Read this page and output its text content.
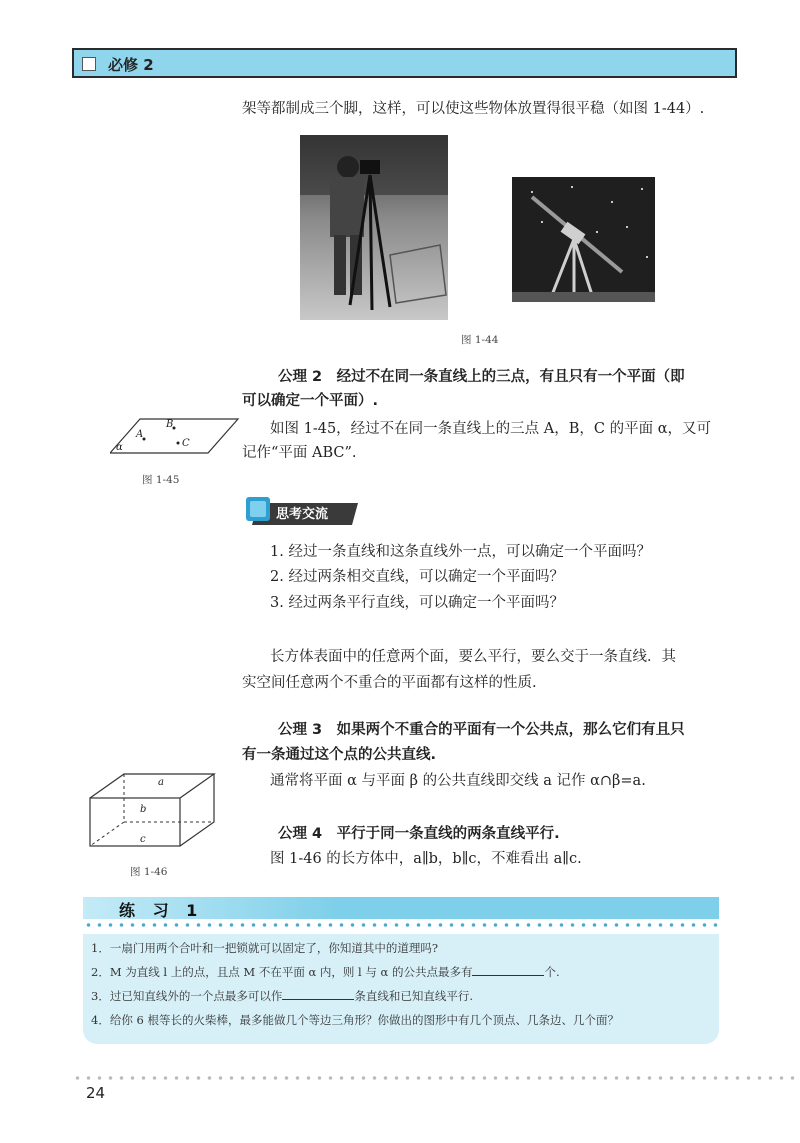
必修 2
架等都制成三个脚，这样，可以使这些物体放置得很平稳（如图 1-44）.
图 1-44
公理 2　经过不在同一条直线上的三点，有且只有一个平面（即
可以确定一个平面）.
A
B
C
α
图 1-45
如图 1-45，经过不在同一条直线上的三点 A，B，C 的平面 α，又可
记作“平面 ABC”.
思考交流
1. 经过一条直线和这条直线外一点，可以确定一个平面吗？
2. 经过两条相交直线，可以确定一个平面吗？
3. 经过两条平行直线，可以确定一个平面吗？
长方体表面中的任意两个面，要么平行，要么交于一条直线．其
实空间任意两个不重合的平面都有这样的性质.
公理 3　如果两个不重合的平面有一个公共点，那么它们有且只
有一条通过这个点的公共直线.
通常将平面 α 与平面 β 的公共直线即交线 a 记作 α∩β=a.
a
b
c
图 1-46
公理 4　平行于同一条直线的两条直线平行.
图 1-46 的长方体中，a∥b，b∥c，不难看出 a∥c.
练 习 1
1．一扇门用两个合叶和一把锁就可以固定了，你知道其中的道理吗?
2．M 为直线 l 上的点，且点 M 不在平面 α 内，则 l 与 α 的公共点最多有	个.
3．过已知直线外的一个点最多可以作	条直线和已知直线平行.
4．给你 6 根等长的火柴棒，最多能做几个等边三角形？你做出的图形中有几个顶点、几条边、几个面？
24
